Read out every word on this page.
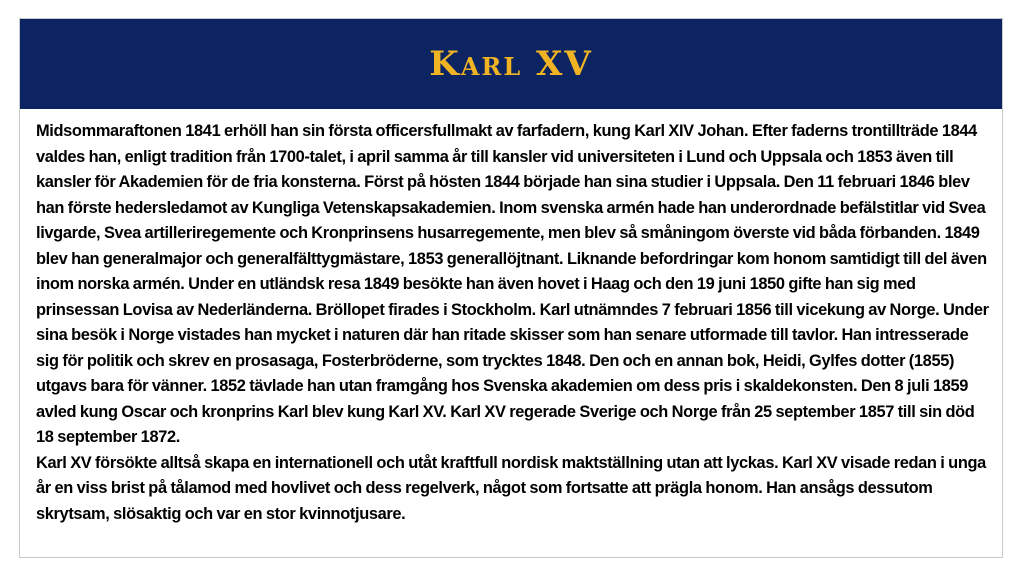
Karl XV

Midsommaraftonen 1841 erhöll han sin första officersfullmakt av farfadern, kung Karl XIV Johan. Efter faderns trontillträde 1844 valdes han, enligt tradition från 1700-talet, i april samma år till kansler vid universiteten i Lund och Uppsala och 1853 även till kansler för Akademien för de fria konsterna. Först på hösten 1844 började han sina studier i Uppsala. Den 11 februari 1846 blev han förste hedersledamot av Kungliga Vetenskapsakademien. Inom svenska armén hade han underordnade befälstitlar vid Svea livgarde, Svea artilleriregemente och Kronprinsens husarregemente, men blev så småningom överste vid båda förbanden. 1849 blev han generalmajor och generalfälttygmästare, 1853 generallöjtnant. Liknande befordringar kom honom samtidigt till del även inom norska armén. Under en utländsk resa 1849 besökte han även hovet i Haag och den 19 juni 1850 gifte han sig med prinsessan Lovisa av Nederländerna. Bröllopet firades i Stockholm. Karl utnämndes 7 februari 1856 till vicekung av Norge. Under sina besök i Norge vistades han mycket i naturen där han ritade skisser som han senare utformade till tavlor. Han intresserade sig för politik och skrev en prosasaga, Fosterbröderne, som trycktes 1848. Den och en annan bok, Heidi, Gylfes dotter (1855) utgavs bara för vänner. 1852 tävlade han utan framgång hos Svenska akademien om dess pris i skaldekonsten. Den 8 juli 1859 avled kung Oscar och kronprins Karl blev kung Karl XV. Karl XV regerade Sverige och Norge från 25 september 1857 till sin död 18 september 1872.

Karl XV försökte alltså skapa en internationell och utåt kraftfull nordisk maktställning utan att lyckas. Karl XV visade redan i unga år en viss brist på tålamod med hovlivet och dess regelverk, något som fortsatte att prägla honom. Han ansågs dessutom skrytsam, slösaktig och var en stor kvinnotjusare.
